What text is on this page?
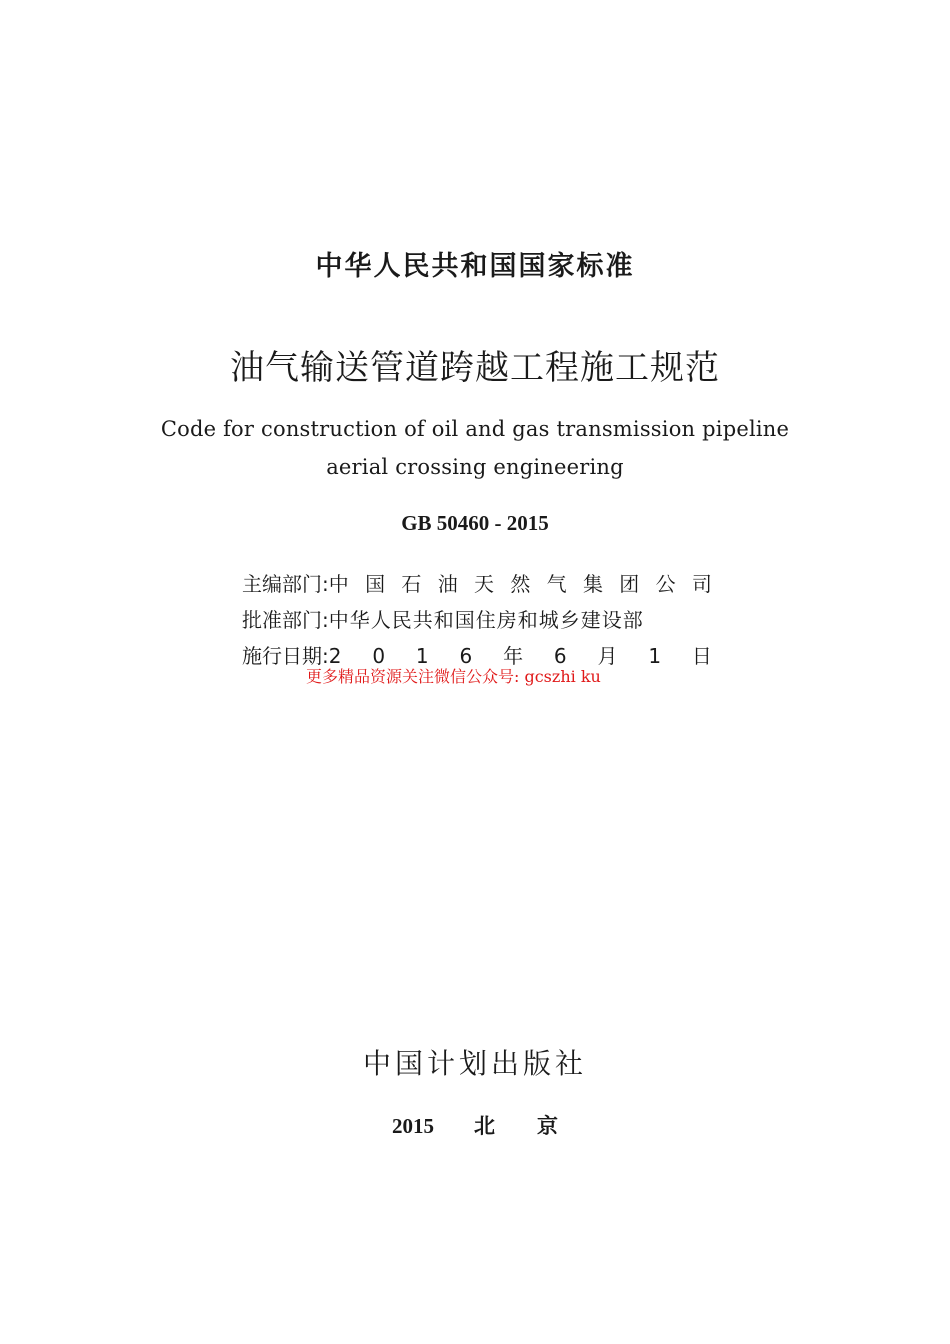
中华人民共和国国家标准
油气输送管道跨越工程施工规范
Code for construction of oil and gas transmission pipeline
aerial crossing engineering
GB 50460 - 2015
主编部门: 中 国 石 油 天 然 气 集 团 公 司
批准部门: 中华人民共和国住房和城乡建设部
施行日期: 2 0 1 6 年 6 月 1 日
更多精品资源关注微信公众号: gcszhi ku
中国计划出版社
2015 北　　京
